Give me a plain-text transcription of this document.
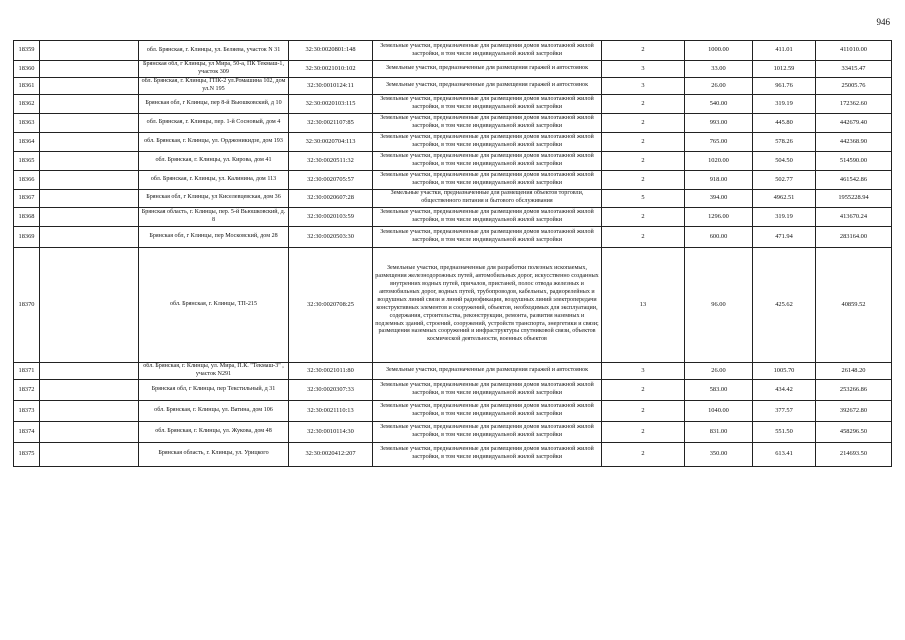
946
18359		обл. Брянская, г. Клинцы, ул. Беляева, участок N 31	32:30:0020801:148	Земельные участки, предназначенные для размещения домов малоэтажной жилой застройки, в том числе индивидуальной жилой застройки	2	1000.00	411.01	411010.00
18360		Брянская обл, г Клинцы, ул Мира, 50-а, ПК Текмаш-1, участок 309	32:30:0021010:102	Земельные участки, предназначенные для размещения гаражей и автостоянок	3	33.00	1012.59	33415.47
18361		обл. Брянская, г. Клинцы, ГПК-2 ул.Ромашина 102, дом ул.N 195	32:30:0010124:11	Земельные участки, предназначенные для размещения гаражей и автостоянок	3	26.00	961.76	25005.76
18362		Брянская обл, г Клинцы, пер 8-й Вьюшковский, д 10	32:30:0020103:115	Земельные участки, предназначенные для размещения домов малоэтажной жилой застройки, в том числе индивидуальной жилой застройки	2	540.00	319.19	172362.60
18363		обл. Брянская, г. Клинцы, пер. 1-й Сосновый, дом 4	32:30:0021107:85	Земельные участки, предназначенные для размещения домов малоэтажной жилой застройки, в том числе индивидуальной жилой застройки	2	993.00	445.80	442679.40
18364		обл. Брянская, г. Клинцы, ул. Орджоникидзе, дом 193	32:30:0020704:113	Земельные участки, предназначенные для размещения домов малоэтажной жилой застройки, в том числе индивидуальной жилой застройки	2	765.00	578.26	442368.90
18365		обл. Брянская, г. Клинцы, ул. Кирова, дом 41	32:30:0020511:32	Земельные участки, предназначенные для размещения домов малоэтажной жилой застройки, в том числе индивидуальной жилой застройки	2	1020.00	504.50	514590.00
18366		обл. Брянская, г. Клинцы, ул. Калинина, дом 113	32:30:0020705:57	Земельные участки, предназначенные для размещения домов малоэтажной жилой застройки, в том числе индивидуальной жилой застройки	2	918.00	502.77	461542.86
18367		Брянская обл, г Клинцы, ул Киселевцевская, дом 36	32:30:0020607:28	Земельные участки, предназначенные для размещения объектов торговли, общественного питания и бытового обслуживания	5	394.00	4962.51	1955228.94
18368		Брянская область, г. Клинцы, пер. 5-й Вьюшковский, д. 8	32:30:0020103:59	Земельные участки, предназначенные для размещения домов малоэтажной жилой застройки, в том числе индивидуальной жилой застройки	2	1296.00	319.19	413670.24
18369		Брянская обл, г Клинцы, пер Московский, дом 28	32:30:0020503:30	Земельные участки, предназначенные для размещения домов малоэтажной жилой застройки, в том числе индивидуальной жилой застройки	2	600.00	471.94	283164.00
18370		обл. Брянская, г. Клинцы, ТП-215	32:30:0020708:25	Земельные участки, предназначенные для разработки полезных ископаемых, размещения железнодорожных путей, автомобильных дорог, искусственно созданных внутренних водных путей, причалов, пристаней, полос отвода железных и автомобильных дорог, водных путей, трубопроводов, кабельных, радиорелейных и воздушных линий связи и линий радиофикации, воздушных линий электропередачи конструктивных элементов и сооружений, объектов, необходимых для эксплуатации, содержания, строительства, реконструкции, ремонта, развития наземных и подземных зданий, строений, сооружений, устройств транспорта, энергетики и связи; размещения наземных сооружений и инфраструктуры спутниковой связи, объектов космической деятельности, военных объектов	13	96.00	425.62	40859.52
18371		обл. Брянская, г. Клинцы, ул. Мира, П.К. "Текмаш-3" , участок N291	32:30:0021011:80	Земельные участки, предназначенные для размещения гаражей и автостоянок	3	26.00	1005.70	26148.20
18372		Брянская обл, г Клинцы, пер Текстильный, д 31	32:30:0020307:33	Земельные участки, предназначенные для размещения домов малоэтажной жилой застройки, в том числе индивидуальной жилой застройки	2	583.00	434.42	253266.86
18373		обл. Брянская, г. Клинцы, ул. Ватина, дом 106	32:30:0021110:13	Земельные участки, предназначенные для размещения домов малоэтажной жилой застройки, в том числе индивидуальной жилой застройки	2	1040.00	377.57	392672.80
18374		обл. Брянская, г. Клинцы, ул. Жукова, дом 48	32:30:0010114:30	Земельные участки, предназначенные для размещения домов малоэтажной жилой застройки, в том числе индивидуальной жилой застройки	2	831.00	551.50	458296.50
18375		Брянская область, г. Клинцы, ул. Урицкого	32:30:0020412:207	Земельные участки, предназначенные для размещения домов малоэтажной жилой застройки, в том числе индивидуальной жилой застройки	2	350.00	613.41	214693.50
